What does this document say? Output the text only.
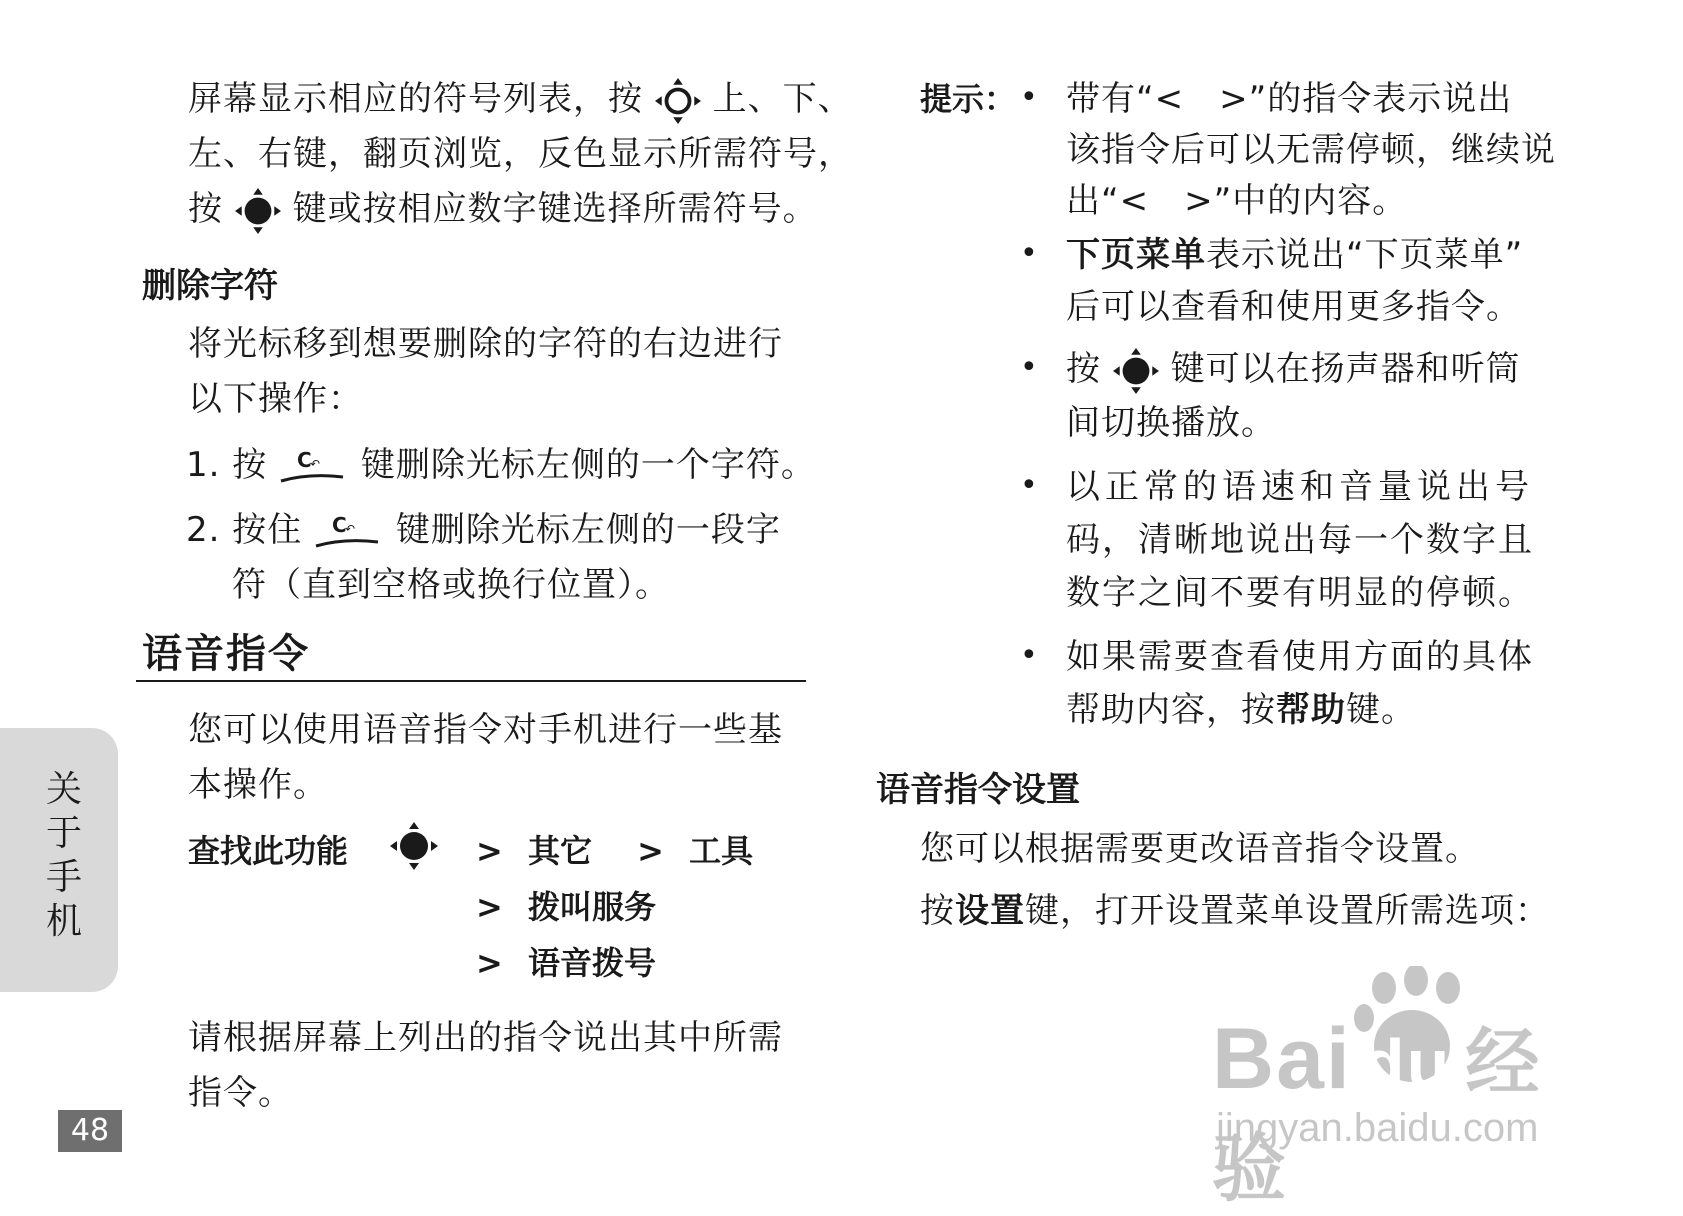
屏幕显示相应的符号列表，按 上、下、
左、右键，翻页浏览，反色显示所需符号，
按 键或按相应数字键选择所需符号。
删除字符
将光标移到想要删除的字符的右边进行
以下操作：
1. 按	键删除光标左侧的一个字符。
2. 按住	键删除光标左侧的一段字
符（直到空格或换行位置）。
语音指令
您可以使用语音指令对手机进行一些基
本操作。
查找此功能	> 其它 > 工具
> 拨叫服务
> 语音拨号
请根据屏幕上列出的指令说出其中所需
指令。
提示： • 带有“<　>”的指令表示说出
该指令后可以无需停顿，继续说
出“<　>”中的内容。
• 下页菜单表示说出“下页菜单”
后可以查看和使用更多指令。
• 按 键可以在扬声器和听筒
间切换播放。
• 以正常的语速和音量说出号
码，清晰地说出每一个数字且
数字之间不要有明显的停顿。
• 如果需要查看使用方面的具体
帮助内容，按帮助键。
语音指令设置
您可以根据需要更改语音指令设置。
按设置键，打开设置菜单设置所需选项：
关
于
手
机
48
Bai du 经验
jingyan.baidu.com
